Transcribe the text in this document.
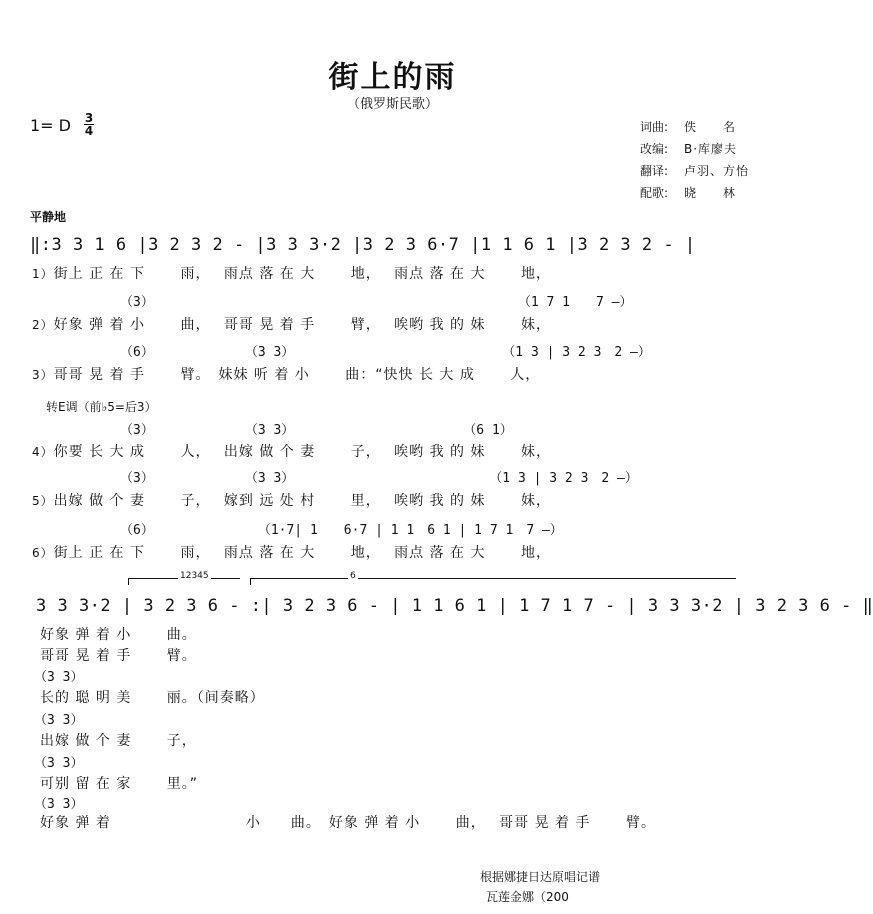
街上的雨
（俄罗斯民歌）
1= D 3
4	词曲:	佚　　名
改编:	B·库廖夫
翻译:	卢羽、方怡
配歌:	晓　　林
平静地
‖:3 3 1 6 |3 2 3 2 - |3 3 3·2 |3 2 3 6·7 |1 1 6 1 |3 2 3 2 - |
1）街上 正 在 下　　 雨，　 雨点 落 在 大　　 地，　 雨点 落 在 大　　 地，
（3）　　　　　　　　　　　　　　　　　　　　　　　　　　　　　（1 7 1　　7 –）
2）好象 弹 着 小　　 曲，　 哥哥 晃 着 手　　 臂，　 唉哟 我 的 妹　　 妹，
（6）　　　　　　　　（3 3）　　　　　　　　　　　　　　　　　（1 3 | 3 2 3　2 –）
3）哥哥 晃 着 手　　 臂。　妹妹 听 着 小　　 曲：“快快 长 大 成　　 人，
转E调（前♭5=后3）
（3）　　　　　　　　（3 3）　　　　　　　　　　　　　　（6 1）
4）你要 长 大 成　　 人，　 出嫁 做 个 妻　　 子，　 唉哟 我 的 妹　　 妹，
（3）　　　　　　　　（3 3）　　　　　　　　　　　　　　　　（1 3 | 3 2 3　2 –）
5）出嫁 做 个 妻　　 子，　 嫁到 远 处 村　　 里，　 唉哟 我 的 妹　　 妹，
（6）　　　　　　　　　（1·7| 1　　6·7 | 1 1　6 1 | 1 7 1　7 –）
6）街上 正 在 下　　 雨，　 雨点 落 在 大　　 地，　 雨点 落 在 大　　 地，
12345	6
3 3 3·2 | 3 2 3 6 - :| 3 2 3 6 - | 1 1 6 1 | 1 7 1 7 - | 3 3 3·2 | 3 2 3 6 - ‖
好象 弹 着 小　　 曲。
哥哥 晃 着 手　　 臂。
（3 3）
长的 聪 明 美　　 丽。（间奏略）
（3 3）
出嫁 做 个 妻　　 子，
（3 3）
可别 留 在 家　　 里。”
（3 3）
好象 弹 着　　　　　　　　　小　　曲。　好象 弹 着 小　　 曲，　 哥哥 晃 着 手　　 臂。
根据娜捷日达原唱记谱
瓦莲金娜（200
